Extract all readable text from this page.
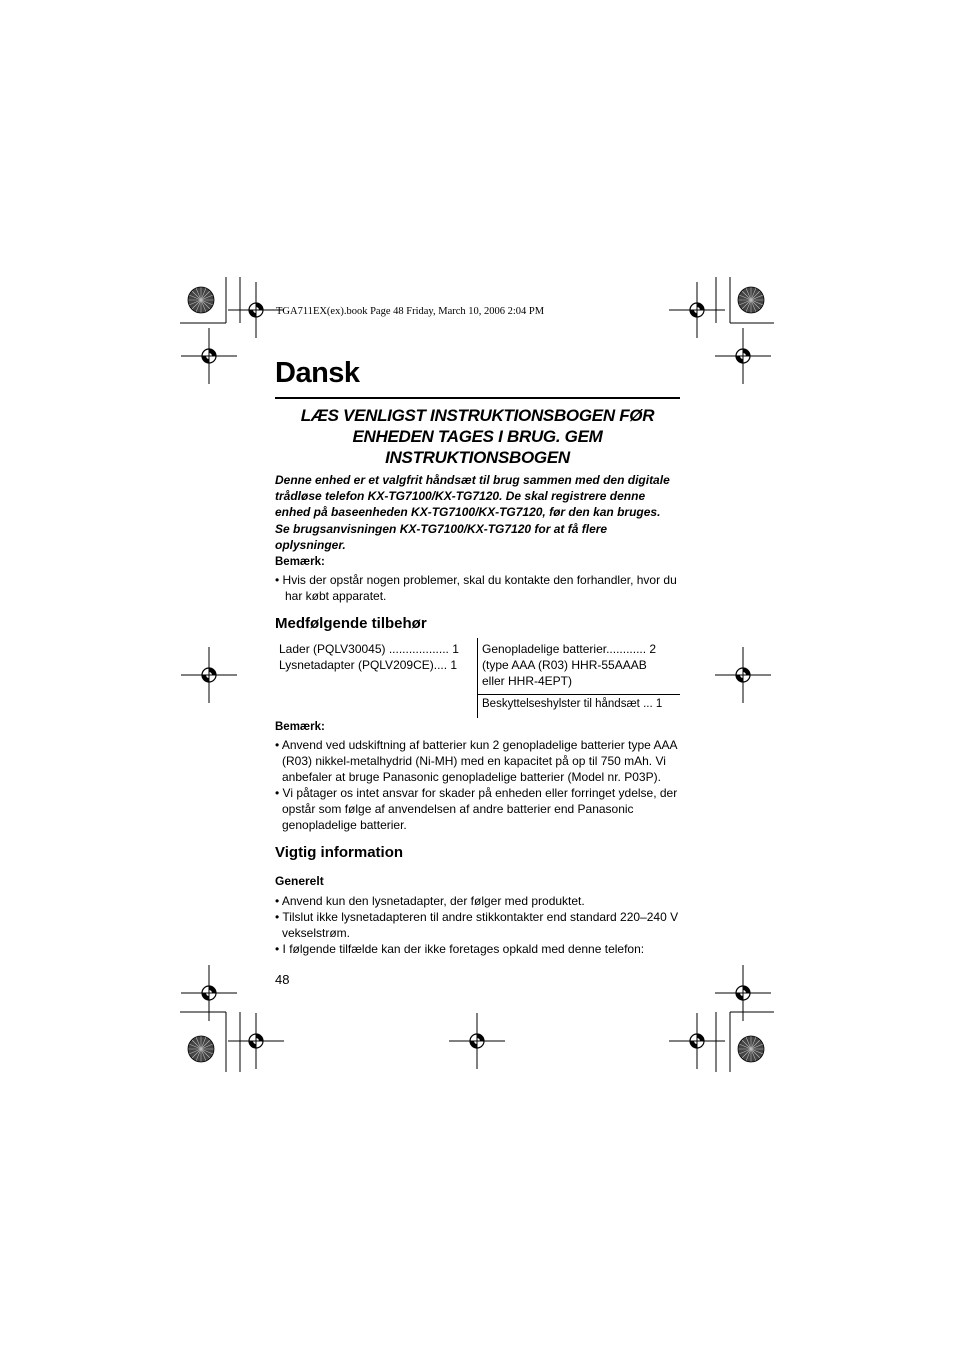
TGA711EX(ex).book Page 48 Friday, March 10, 2006 2:04 PM
Dansk
LÆS VENLIGST INSTRUKTIONSBOGEN FØR
ENHEDEN TAGES I BRUG. GEM
INSTRUKTIONSBOGEN
Denne enhed er et valgfrit håndsæt til brug sammen med den digitale
trådløse telefon KX-TG7100/KX-TG7120. De skal registrere denne
enhed på baseenheden KX-TG7100/KX-TG7120, før den kan bruges.
Se brugsanvisningen KX-TG7100/KX-TG7120 for at få flere
oplysninger.
Bemærk:
• Hvis der opstår nogen problemer, skal du kontakte den forhandler, hvor du
har købt apparatet.
Medfølgende tilbehør
Lader (PQLV30045) .................. 1
Lysnetadapter (PQLV209CE).... 1
Genopladelige batterier............ 2
(type AAA (R03) HHR-55AAAB
eller HHR-4EPT)
Beskyttelseshylster til håndsæt ... 1
Bemærk:
• Anvend ved udskiftning af batterier kun 2 genopladelige batterier type AAA
(R03) nikkel-metalhydrid (Ni-MH) med en kapacitet på op til 750 mAh. Vi
anbefaler at bruge Panasonic genopladelige batterier (Model nr. P03P).
• Vi påtager os intet ansvar for skader på enheden eller forringet ydelse, der
opstår som følge af anvendelsen af andre batterier end Panasonic
genopladelige batterier.
Vigtig information
Generelt
• Anvend kun den lysnetadapter, der følger med produktet.
• Tilslut ikke lysnetadapteren til andre stikkontakter end standard 220–240 V
vekselstrøm.
• I følgende tilfælde kan der ikke foretages opkald med denne telefon:
48
